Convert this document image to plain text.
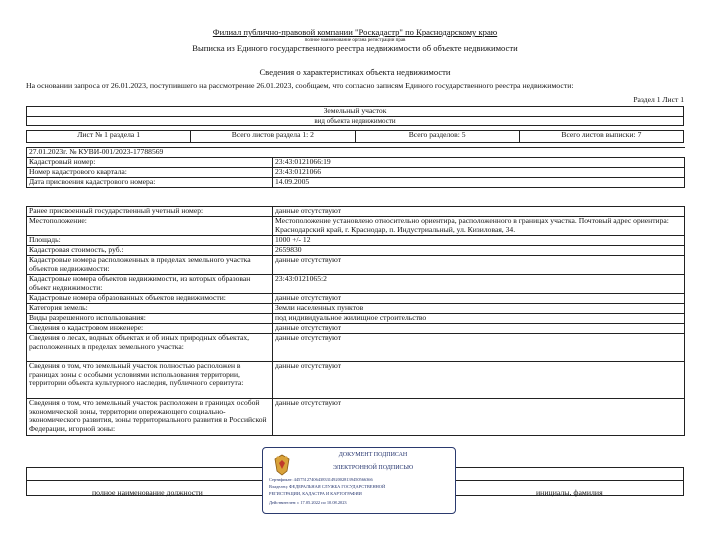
Филиал публично-правовой компании "Роскадастр" по Краснодарскому краю
полное наименование органа регистрации прав
Выписка из Единого государственного реестра недвижимости об объекте недвижимости
Сведения о характеристиках объекта недвижимости
На основании запроса от 26.01.2023, поступившего на рассмотрение 26.01.2023, сообщаем, что согласно записям Единого государственного реестра недвижимости:
Раздел 1 Лист 1
Земельный участок
вид объекта недвижимости
Лист № 1 раздела 1	Всего листов раздела 1: 2	Всего разделов: 5	Всего листов выписки: 7
27.01.2023г. № КУВИ-001/2023-17788569	
Кадастровый номер:	23:43:0121066:19
Номер кадастрового квартала:	23:43:0121066
Дата присвоения кадастрового номера:	14.09.2005
Ранее присвоенный государственный учетный номер:	данные отсутствуют
Местоположение:	Местоположение установлено относительно ориентира, расположенного в границах участка. Почтовый адрес ориентира: Краснодарский край, г. Краснодар, п. Индустриальный, ул. Кизиловая, 34.
Площадь:	1000 +/- 12
Кадастровая стоимость, руб.:	2659830
Кадастровые номера расположенных в пределах земельного участка объектов недвижимости:	данные отсутствуют
Кадастровые номера объектов недвижимости, из которых образован объект недвижимости:	23:43:0121065:2
Кадастровые номера образованных объектов недвижимости:	данные отсутствуют
Категория земель:	Земли населенных пунктов
Виды разрешенного использования:	под индивидуальное жилищное строительство
Сведения о кадастровом инженере:	данные отсутствуют
Сведения о лесах, водных объектах и об иных природных объектах, расположенных в пределах земельного участка:	данные отсутствуют
Сведения о том, что земельный участок полностью расположен в границах зоны с особыми условиями использования территории, территории объекта культурного наследия, публичного сервитута:	данные отсутствуют
Сведения о том, что земельный участок расположен в границах особой экономической зоны, территории опережающего социально-экономического развития, зоны территориального развития в Российской Федерации, игорной зоны:	данные отсутствуют
полное наименование должности	инициалы, фамилия
ДОКУМЕНТ ПОДПИСАН
ЭЛЕКТРОННОЙ ПОДПИСЬЮ
Сертификат: 445751274064383314920028139450566366
Владелец: ФЕДЕРАЛЬНАЯ СЛУЖБА ГОСУДАРСТВЕННОЙ
РЕГИСТРАЦИИ, КАДАСТРА И КАРТОГРАФИИ
Действителен: с 17.05.2022 по 10.08.2023
